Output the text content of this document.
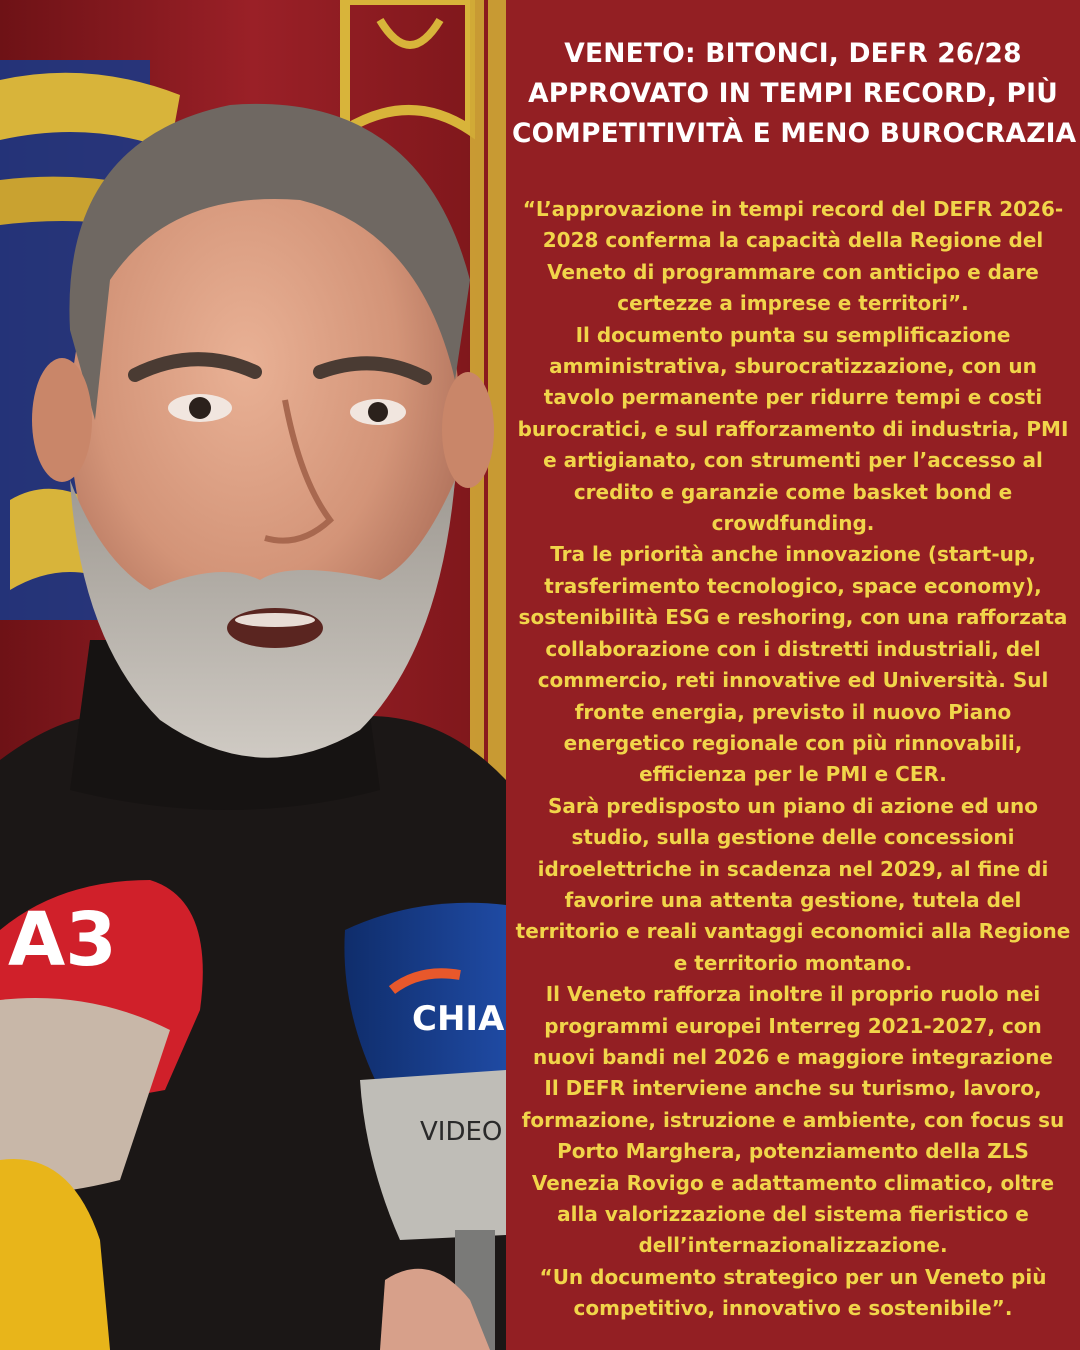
A3
CHIA
VIDEO
VENETO: BITONCI, DEFR 26/28
APPROVATO IN TEMPI RECORD, PIÙ
COMPETITIVITÀ E MENO BUROCRAZIA
“L’approvazione in tempi record del DEFR 2026-
2028 conferma la capacità della Regione del
Veneto di programmare con anticipo e dare
certezze a imprese e territori”.
Il documento punta su semplificazione
amministrativa, sburocratizzazione, con un
tavolo permanente per ridurre tempi e costi
burocratici, e sul rafforzamento di industria, PMI
e artigianato, con strumenti per l’accesso al
credito e garanzie come basket bond e
crowdfunding.
Tra le priorità anche innovazione (start-up,
trasferimento tecnologico, space economy),
sostenibilità ESG e reshoring, con una rafforzata
collaborazione con i distretti industriali, del
commercio, reti innovative ed Università. Sul
fronte energia, previsto il nuovo Piano
energetico regionale con più rinnovabili,
efficienza per le PMI e CER.
Sarà predisposto un piano di azione ed uno
studio, sulla gestione delle concessioni
idroelettriche in scadenza nel 2029, al fine di
favorire una attenta gestione, tutela del
territorio e reali vantaggi economici alla Regione
e territorio montano.
Il Veneto rafforza inoltre il proprio ruolo nei
programmi europei Interreg 2021-2027, con
nuovi bandi nel 2026 e maggiore integrazione
Il DEFR interviene anche su turismo, lavoro,
formazione, istruzione e ambiente, con focus su
Porto Marghera, potenziamento della ZLS
Venezia Rovigo e adattamento climatico, oltre
alla valorizzazione del sistema fieristico e
dell’internazionalizzazione.
“Un documento strategico per un Veneto più
competitivo, innovativo e sostenibile”.
